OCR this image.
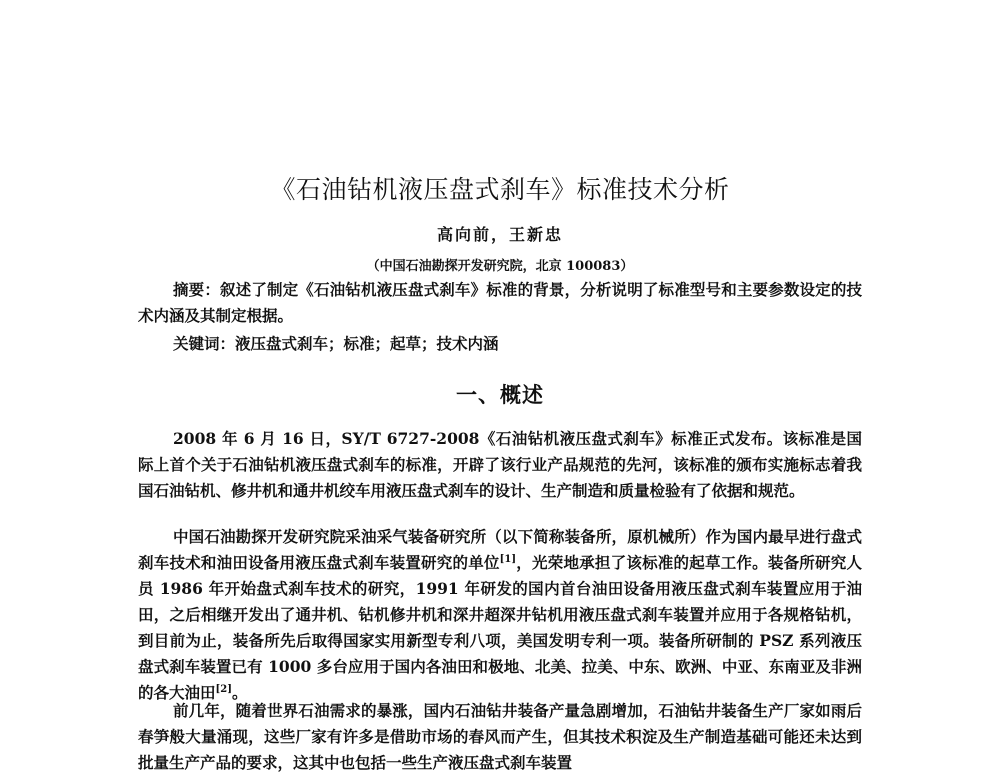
《石油钻机液压盘式刹车》标准技术分析
高向前，王新忠
（中国石油勘探开发研究院，北京 100083）
摘要：叙述了制定《石油钻机液压盘式刹车》标准的背景，分析说明了标准型号和主要参数设定的技术内涵及其制定根据。
关键词：液压盘式刹车；标准；起草；技术内涵
一、概述
2008 年 6 月 16 日，SY/T 6727-2008《石油钻机液压盘式刹车》标准正式发布。该标准是国际上首个关于石油钻机液压盘式刹车的标准，开辟了该行业产品规范的先河，该标准的颁布实施标志着我国石油钻机、修井机和通井机绞车用液压盘式刹车的设计、生产制造和质量检验有了依据和规范。
中国石油勘探开发研究院采油采气装备研究所（以下简称装备所，原机械所）作为国内最早进行盘式刹车技术和油田设备用液压盘式刹车装置研究的单位[1]，光荣地承担了该标准的起草工作。装备所研究人员 1986 年开始盘式刹车技术的研究，1991 年研发的国内首台油田设备用液压盘式刹车装置应用于油田，之后相继开发出了通井机、钻机修井机和深井超深井钻机用液压盘式刹车装置并应用于各规格钻机，到目前为止，装备所先后取得国家实用新型专利八项，美国发明专利一项。装备所研制的 PSZ 系列液压盘式刹车装置已有 1000 多台应用于国内各油田和极地、北美、拉美、中东、欧洲、中亚、东南亚及非洲的各大油田[2]。
前几年，随着世界石油需求的暴涨，国内石油钻井装备产量急剧增加，石油钻井装备生产厂家如雨后春笋般大量涌现，这些厂家有许多是借助市场的春风而产生，但其技术积淀及生产制造基础可能还未达到批量生产产品的要求，这其中也包括一些生产液压盘式刹车装置
